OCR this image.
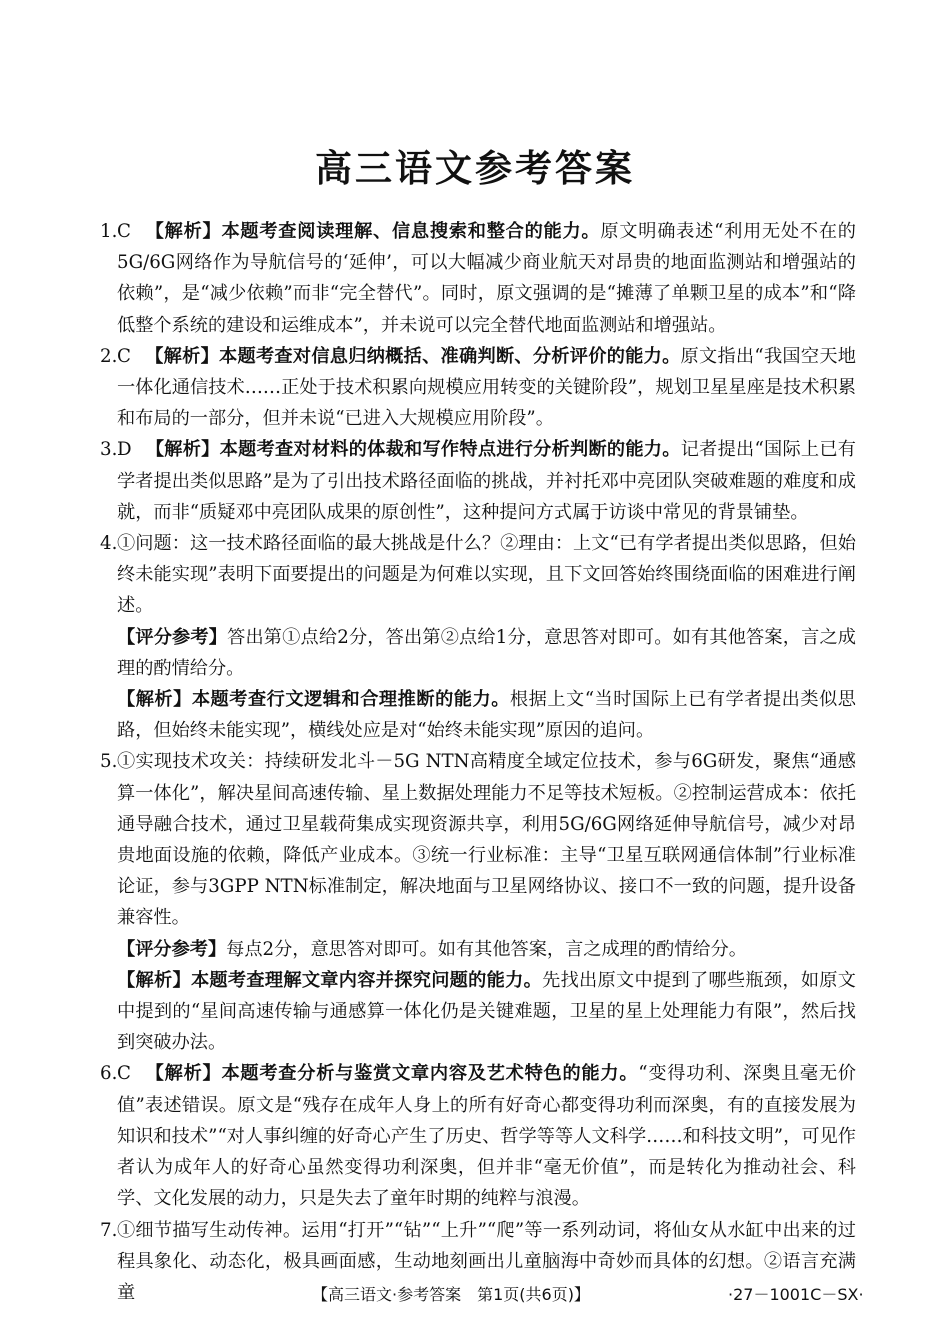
高三语文参考答案
1. C 【解析】本题考查阅读理解、信息搜索和整合的能力。原文明确表述“利用无处不在的5G/6G网络作为导航信号的‘延伸’，可以大幅减少商业航天对昂贵的地面监测站和增强站的依赖”，是“减少依赖”而非“完全替代”。同时，原文强调的是“摊薄了单颗卫星的成本”和“降低整个系统的建设和运维成本”，并未说可以完全替代地面监测站和增强站。
2. C 【解析】本题考查对信息归纳概括、准确判断、分析评价的能力。原文指出“我国空天地一体化通信技术……正处于技术积累向规模应用转变的关键阶段”，规划卫星星座是技术积累和布局的一部分，但并未说“已进入大规模应用阶段”。
3. D 【解析】本题考查对材料的体裁和写作特点进行分析判断的能力。记者提出“国际上已有学者提出类似思路”是为了引出技术路径面临的挑战，并衬托邓中亮团队突破难题的难度和成就，而非“质疑邓中亮团队成果的原创性”，这种提问方式属于访谈中常见的背景铺垫。
4. ①问题：这一技术路径面临的最大挑战是什么？②理由：上文“已有学者提出类似思路，但始终未能实现”表明下面要提出的问题是为何难以实现，且下文回答始终围绕面临的困难进行阐述。
【评分参考】答出第①点给2分，答出第②点给1分，意思答对即可。如有其他答案，言之成理的酌情给分。
【解析】本题考查行文逻辑和合理推断的能力。根据上文“当时国际上已有学者提出类似思路，但始终未能实现”，横线处应是对“始终未能实现”原因的追问。
5. ①实现技术攻关：持续研发北斗－5G NTN高精度全域定位技术，参与6G研发，聚焦“通感算一体化”，解决星间高速传输、星上数据处理能力不足等技术短板。②控制运营成本：依托通导融合技术，通过卫星载荷集成实现资源共享，利用5G/6G网络延伸导航信号，减少对昂贵地面设施的依赖，降低产业成本。③统一行业标准：主导“卫星互联网通信体制”行业标准论证，参与3GPP NTN标准制定，解决地面与卫星网络协议、接口不一致的问题，提升设备兼容性。
【评分参考】每点2分，意思答对即可。如有其他答案，言之成理的酌情给分。
【解析】本题考查理解文章内容并探究问题的能力。先找出原文中提到了哪些瓶颈，如原文中提到的“星间高速传输与通感算一体化仍是关键难题，卫星的星上处理能力有限”，然后找到突破办法。
6. C 【解析】本题考查分析与鉴赏文章内容及艺术特色的能力。“变得功利、深奥且毫无价值”表述错误。原文是“残存在成年人身上的所有好奇心都变得功利而深奥，有的直接发展为知识和技术”“对人事纠缠的好奇心产生了历史、哲学等等人文科学……和科技文明”，可见作者认为成年人的好奇心虽然变得功利深奥，但并非“毫无价值”，而是转化为推动社会、科学、文化发展的动力，只是失去了童年时期的纯粹与浪漫。
7. ①细节描写生动传神。运用“打开”“钻”“上升”“爬”等一系列动词，将仙女从水缸中出来的过程具象化、动态化，极具画面感，生动地刻画出儿童脑海中奇妙而具体的幻想。②语言充满童	【高三语文·参考答案　第1页(共6页)】	·27－1001C－SX·
